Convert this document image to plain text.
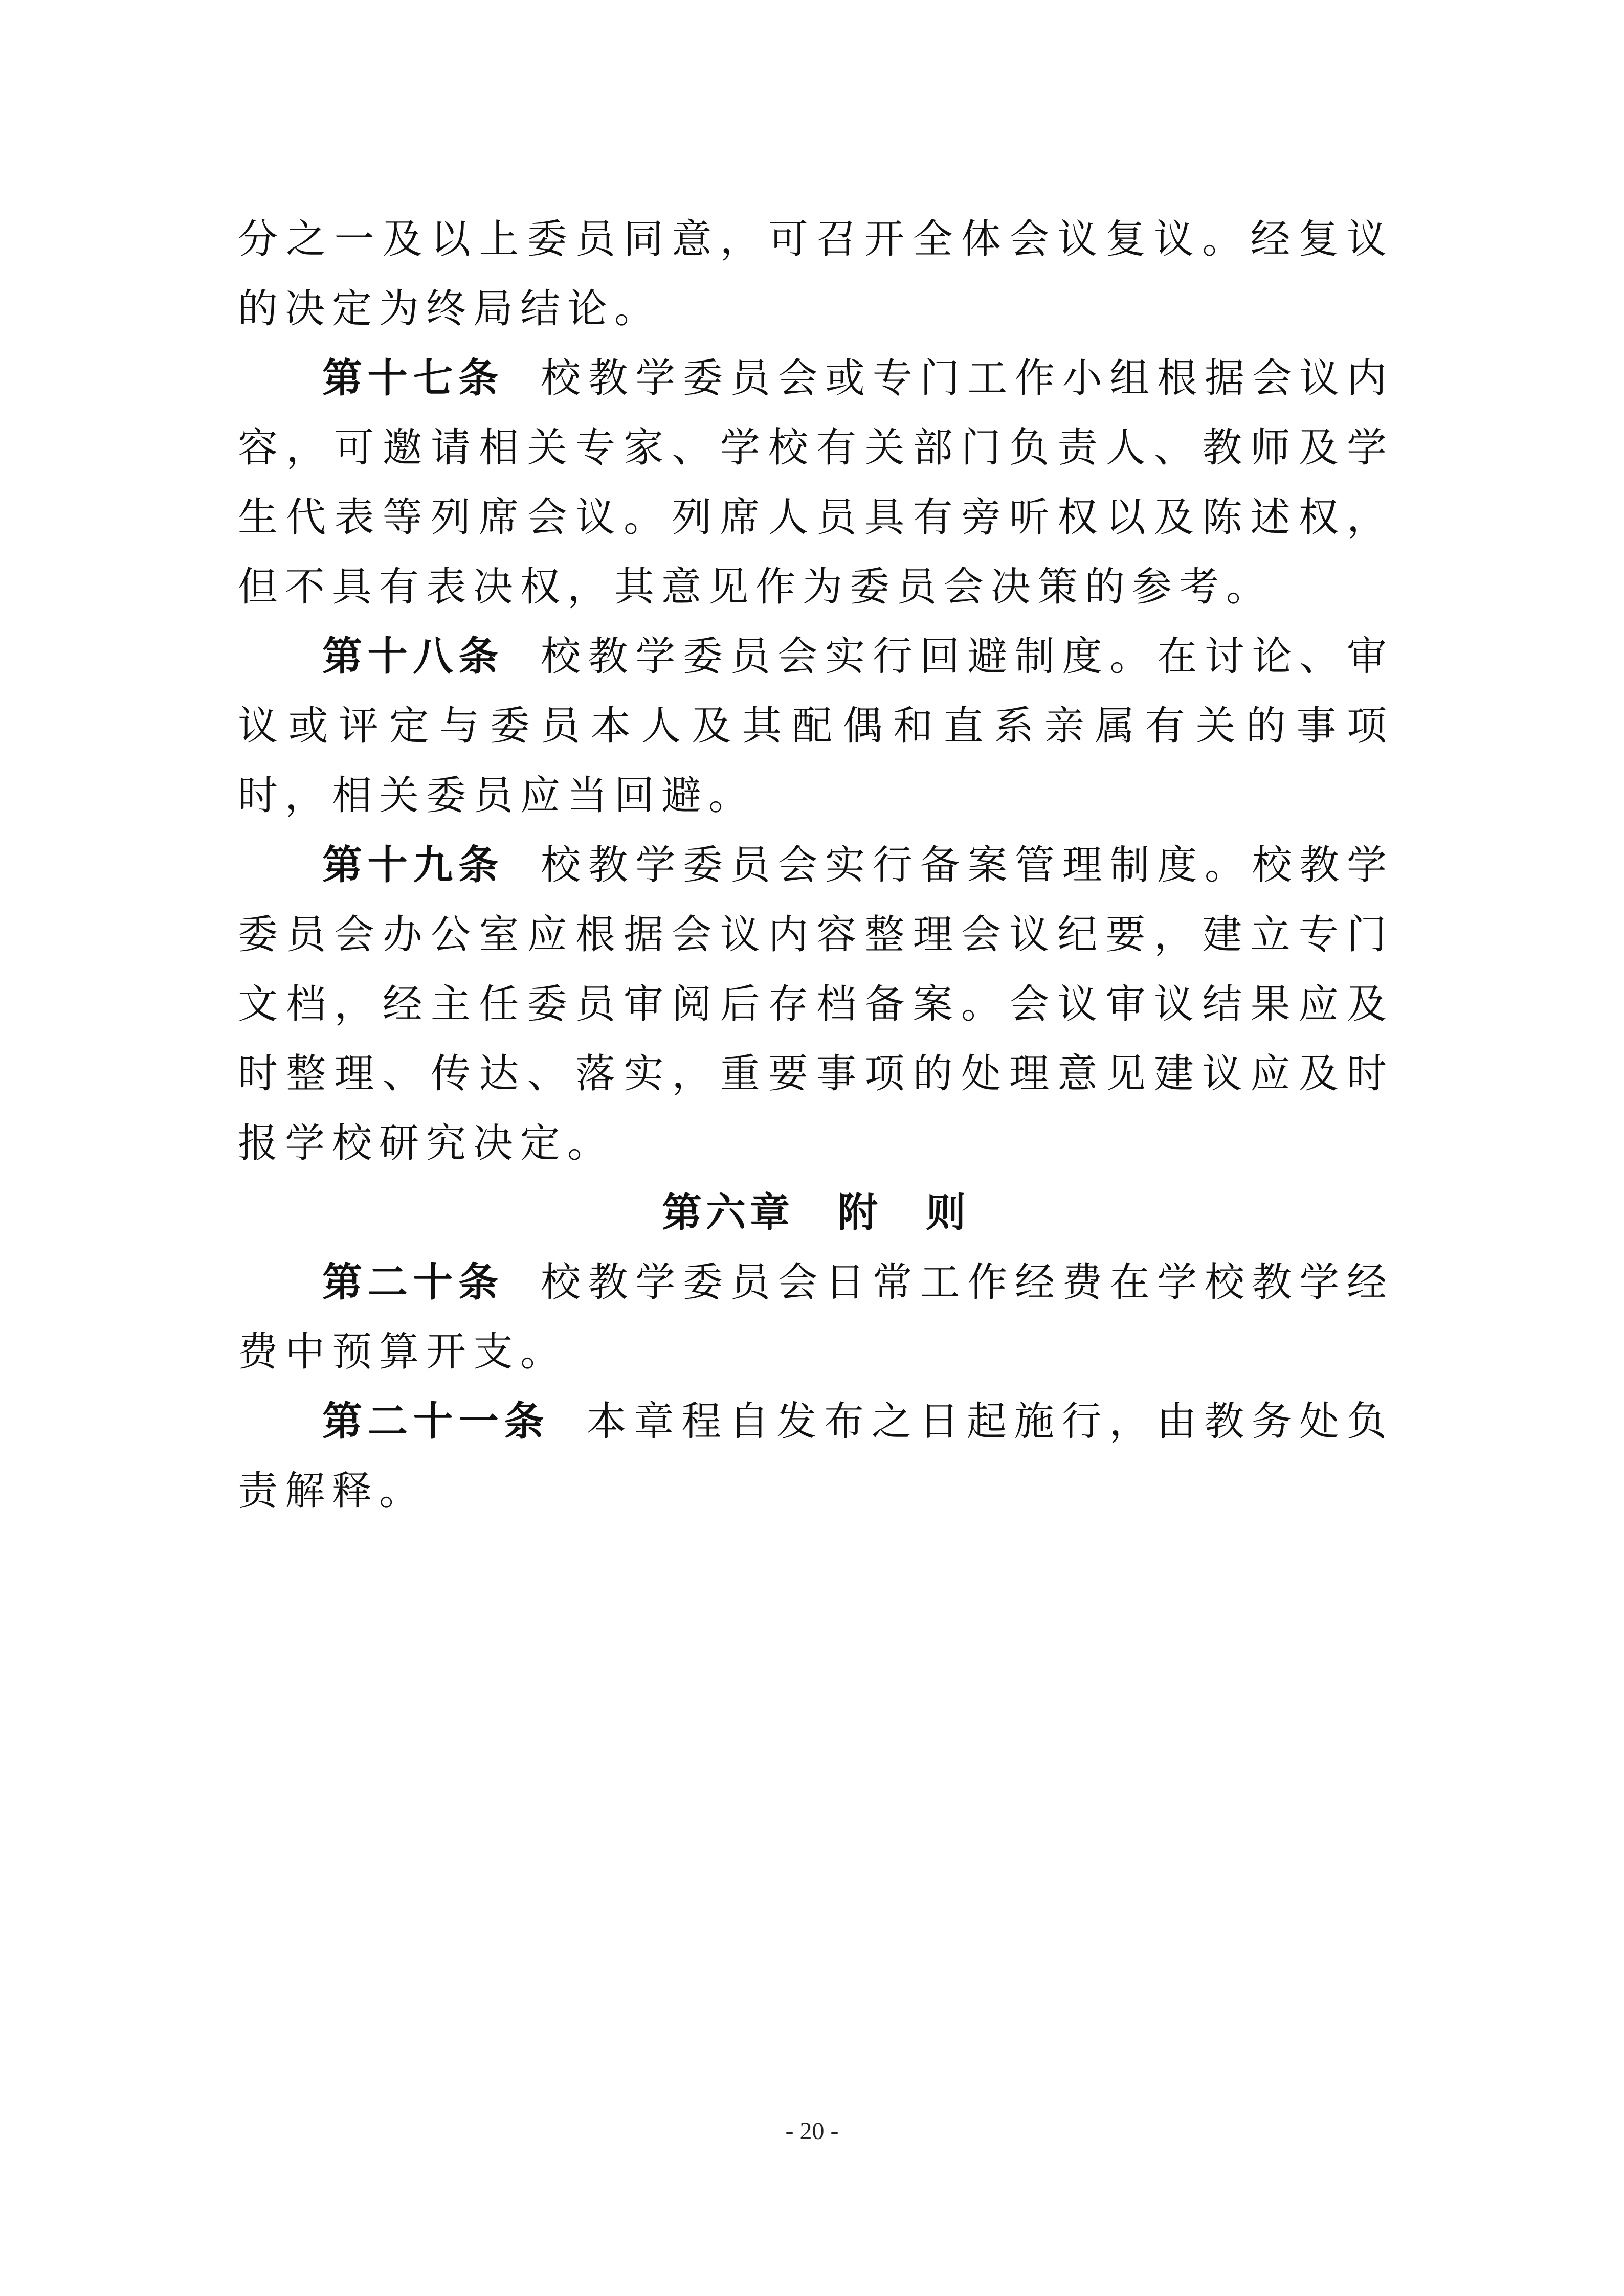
分之一及以上委员同意，可召开全体会议复议。经复议的决定为终局结论。

第十七条 校教学委员会或专门工作小组根据会议内容，可邀请相关专家、学校有关部门负责人、教师及学生代表等列席会议。列席人员具有旁听权以及陈述权，但不具有表决权，其意见作为委员会决策的参考。

第十八条 校教学委员会实行回避制度。在讨论、审议或评定与委员本人及其配偶和直系亲属有关的事项时，相关委员应当回避。

第十九条 校教学委员会实行备案管理制度。校教学委员会办公室应根据会议内容整理会议纪要，建立专门文档，经主任委员审阅后存档备案。会议审议结果应及时整理、传达、落实，重要事项的处理意见建议应及时报学校研究决定。

第六章　附　则

第二十条 校教学委员会日常工作经费在学校教学经费中预算开支。

第二十一条 本章程自发布之日起施行，由教务处负责解释。

- 20 -
